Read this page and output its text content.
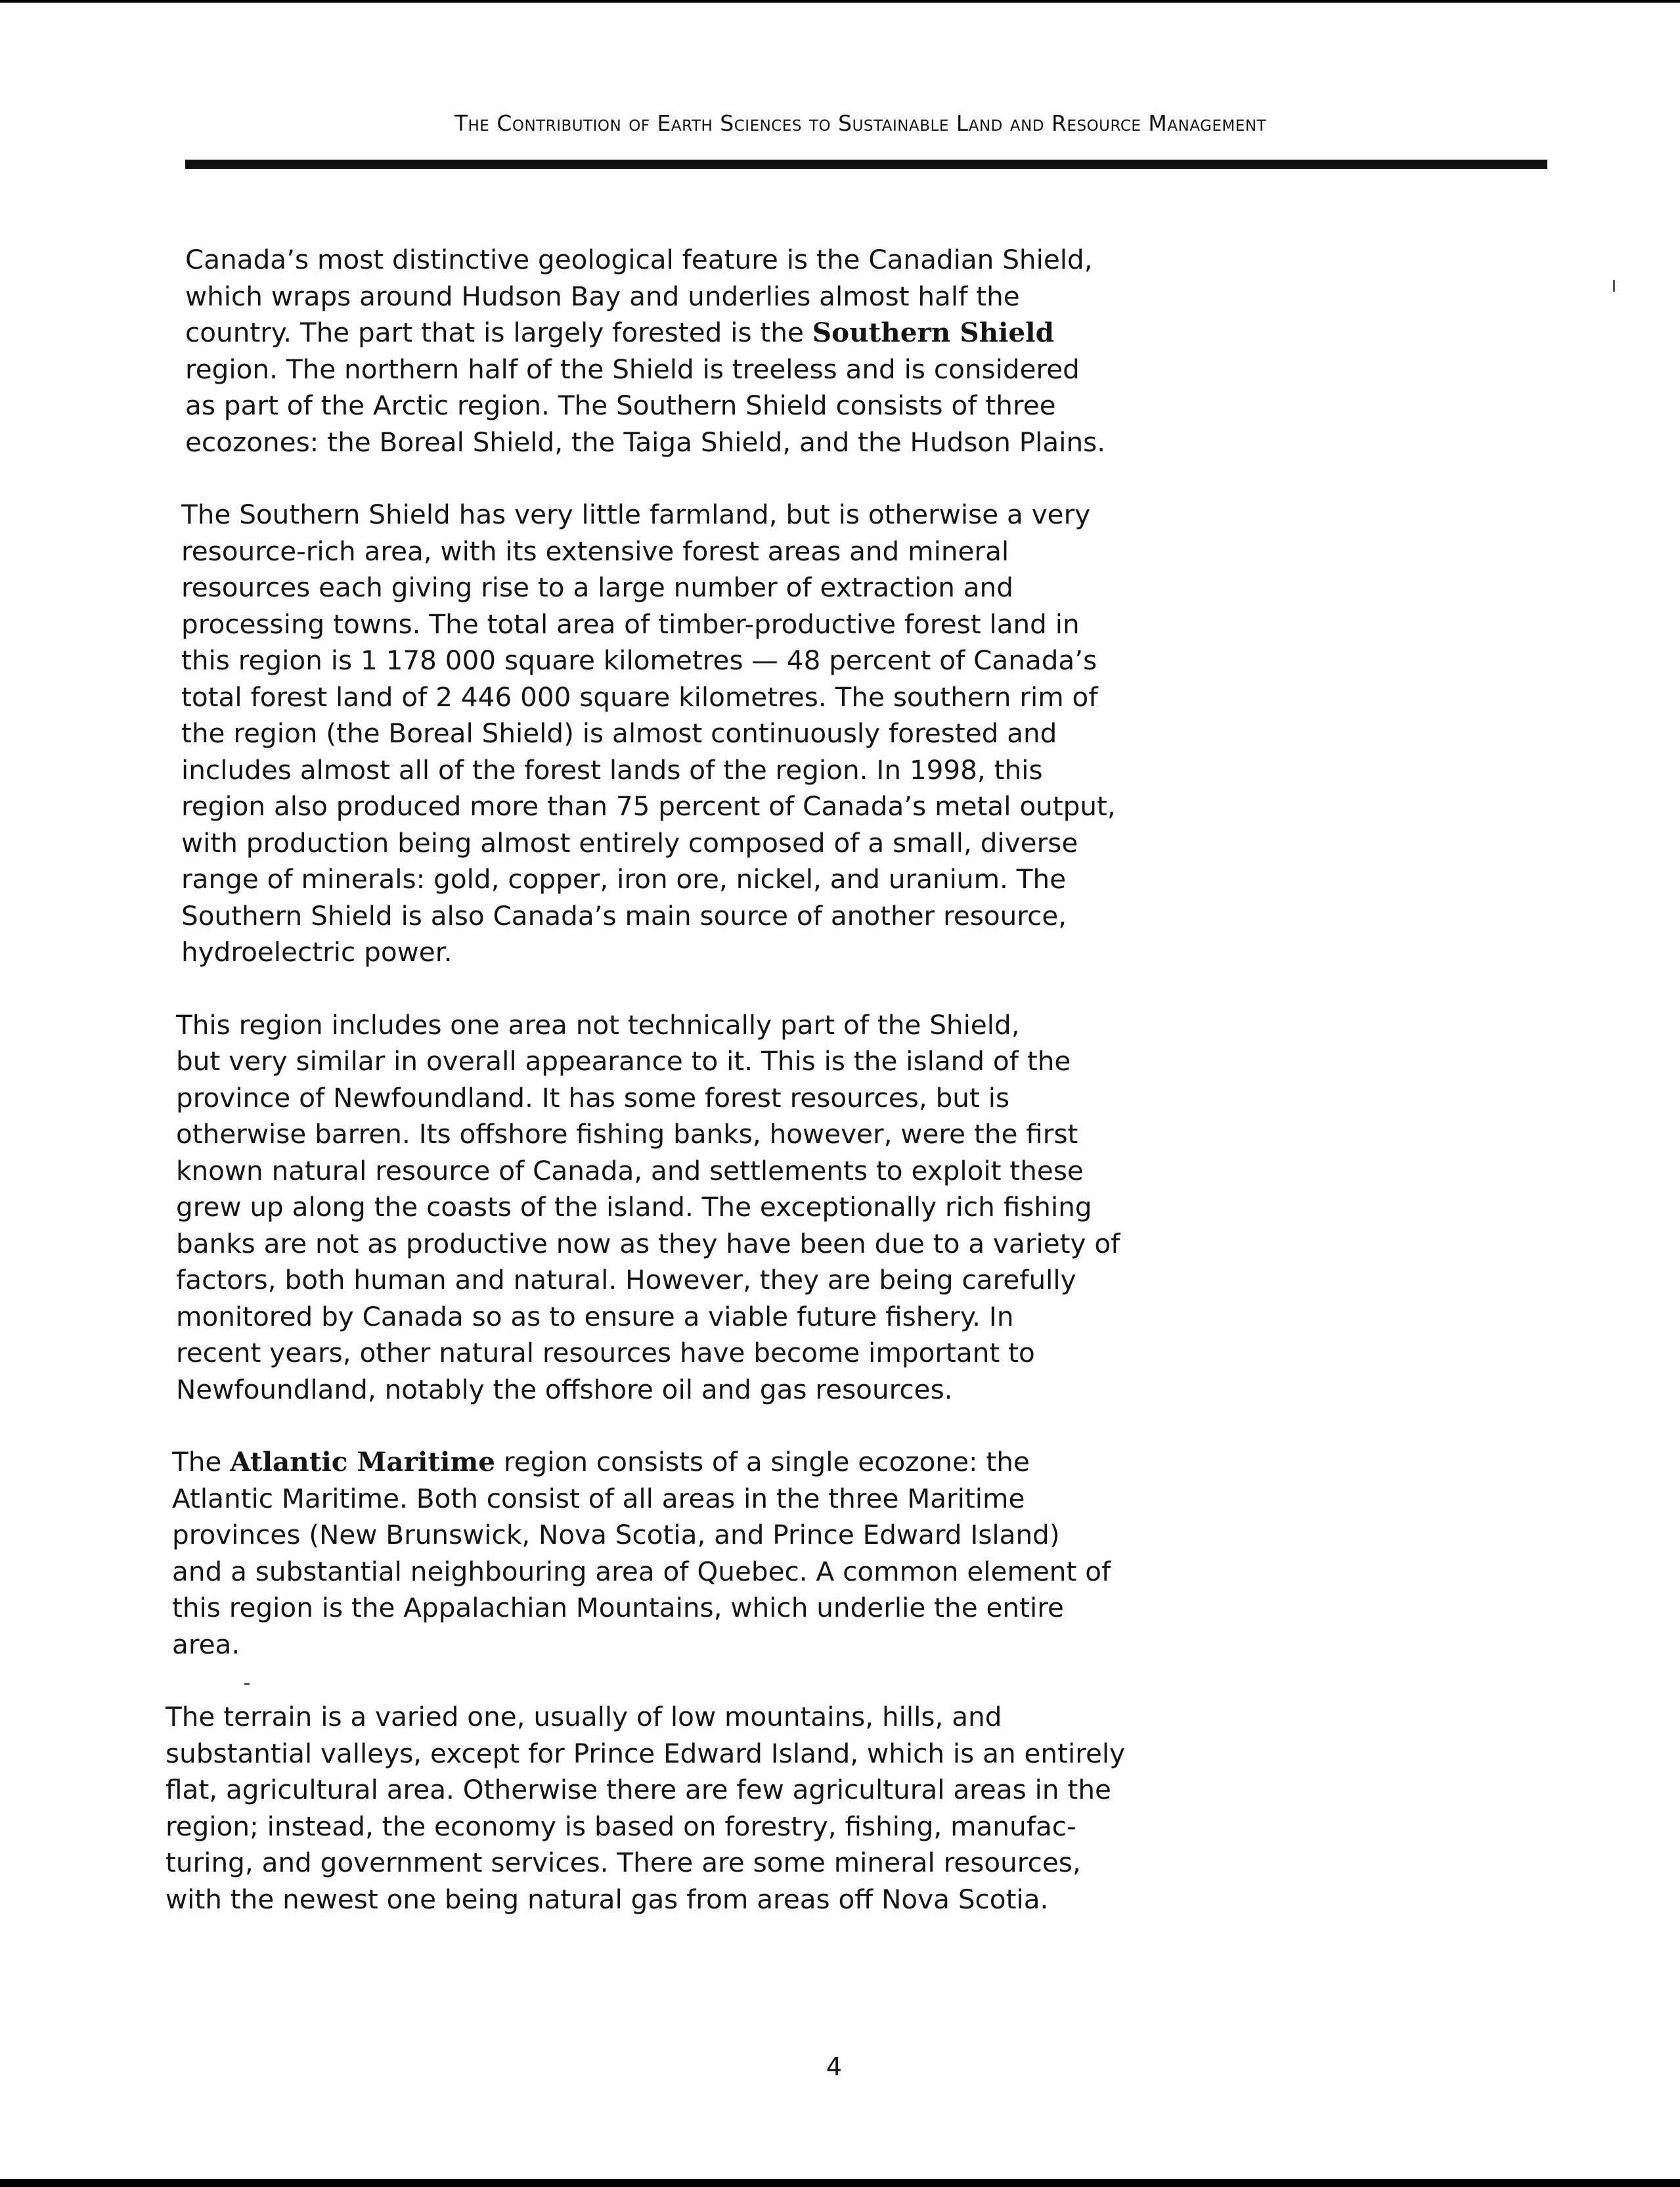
The Contribution of Earth Sciences to Sustainable Land and Resource Management

Canada’s most distinctive geological feature is the Canadian Shield,
which wraps around Hudson Bay and underlies almost half the
country. The part that is largely forested is the Southern Shield
region. The northern half of the Shield is treeless and is considered
as part of the Arctic region. The Southern Shield consists of three
ecozones: the Boreal Shield, the Taiga Shield, and the Hudson Plains.

The Southern Shield has very little farmland, but is otherwise a very
resource-rich area, with its extensive forest areas and mineral
resources each giving rise to a large number of extraction and
processing towns. The total area of timber-productive forest land in
this region is 1 178 000 square kilometres — 48 percent of Canada’s
total forest land of 2 446 000 square kilometres. The southern rim of
the region (the Boreal Shield) is almost continuously forested and
includes almost all of the forest lands of the region. In 1998, this
region also produced more than 75 percent of Canada’s metal output,
with production being almost entirely composed of a small, diverse
range of minerals: gold, copper, iron ore, nickel, and uranium. The
Southern Shield is also Canada’s main source of another resource,
hydroelectric power.

This region includes one area not technically part of the Shield,
but very similar in overall appearance to it. This is the island of the
province of Newfoundland. It has some forest resources, but is
otherwise barren. Its offshore fishing banks, however, were the first
known natural resource of Canada, and settlements to exploit these
grew up along the coasts of the island. The exceptionally rich fishing
banks are not as productive now as they have been due to a variety of
factors, both human and natural. However, they are being carefully
monitored by Canada so as to ensure a viable future fishery. In
recent years, other natural resources have become important to
Newfoundland, notably the offshore oil and gas resources.

The Atlantic Maritime region consists of a single ecozone: the
Atlantic Maritime. Both consist of all areas in the three Maritime
provinces (New Brunswick, Nova Scotia, and Prince Edward Island)
and a substantial neighbouring area of Quebec. A common element of
this region is the Appalachian Mountains, which underlie the entire
area.

The terrain is a varied one, usually of low mountains, hills, and
substantial valleys, except for Prince Edward Island, which is an entirely
flat, agricultural area. Otherwise there are few agricultural areas in the
region; instead, the economy is based on forestry, fishing, manufac-
turing, and government services. There are some mineral resources,
with the newest one being natural gas from areas off Nova Scotia.

4
